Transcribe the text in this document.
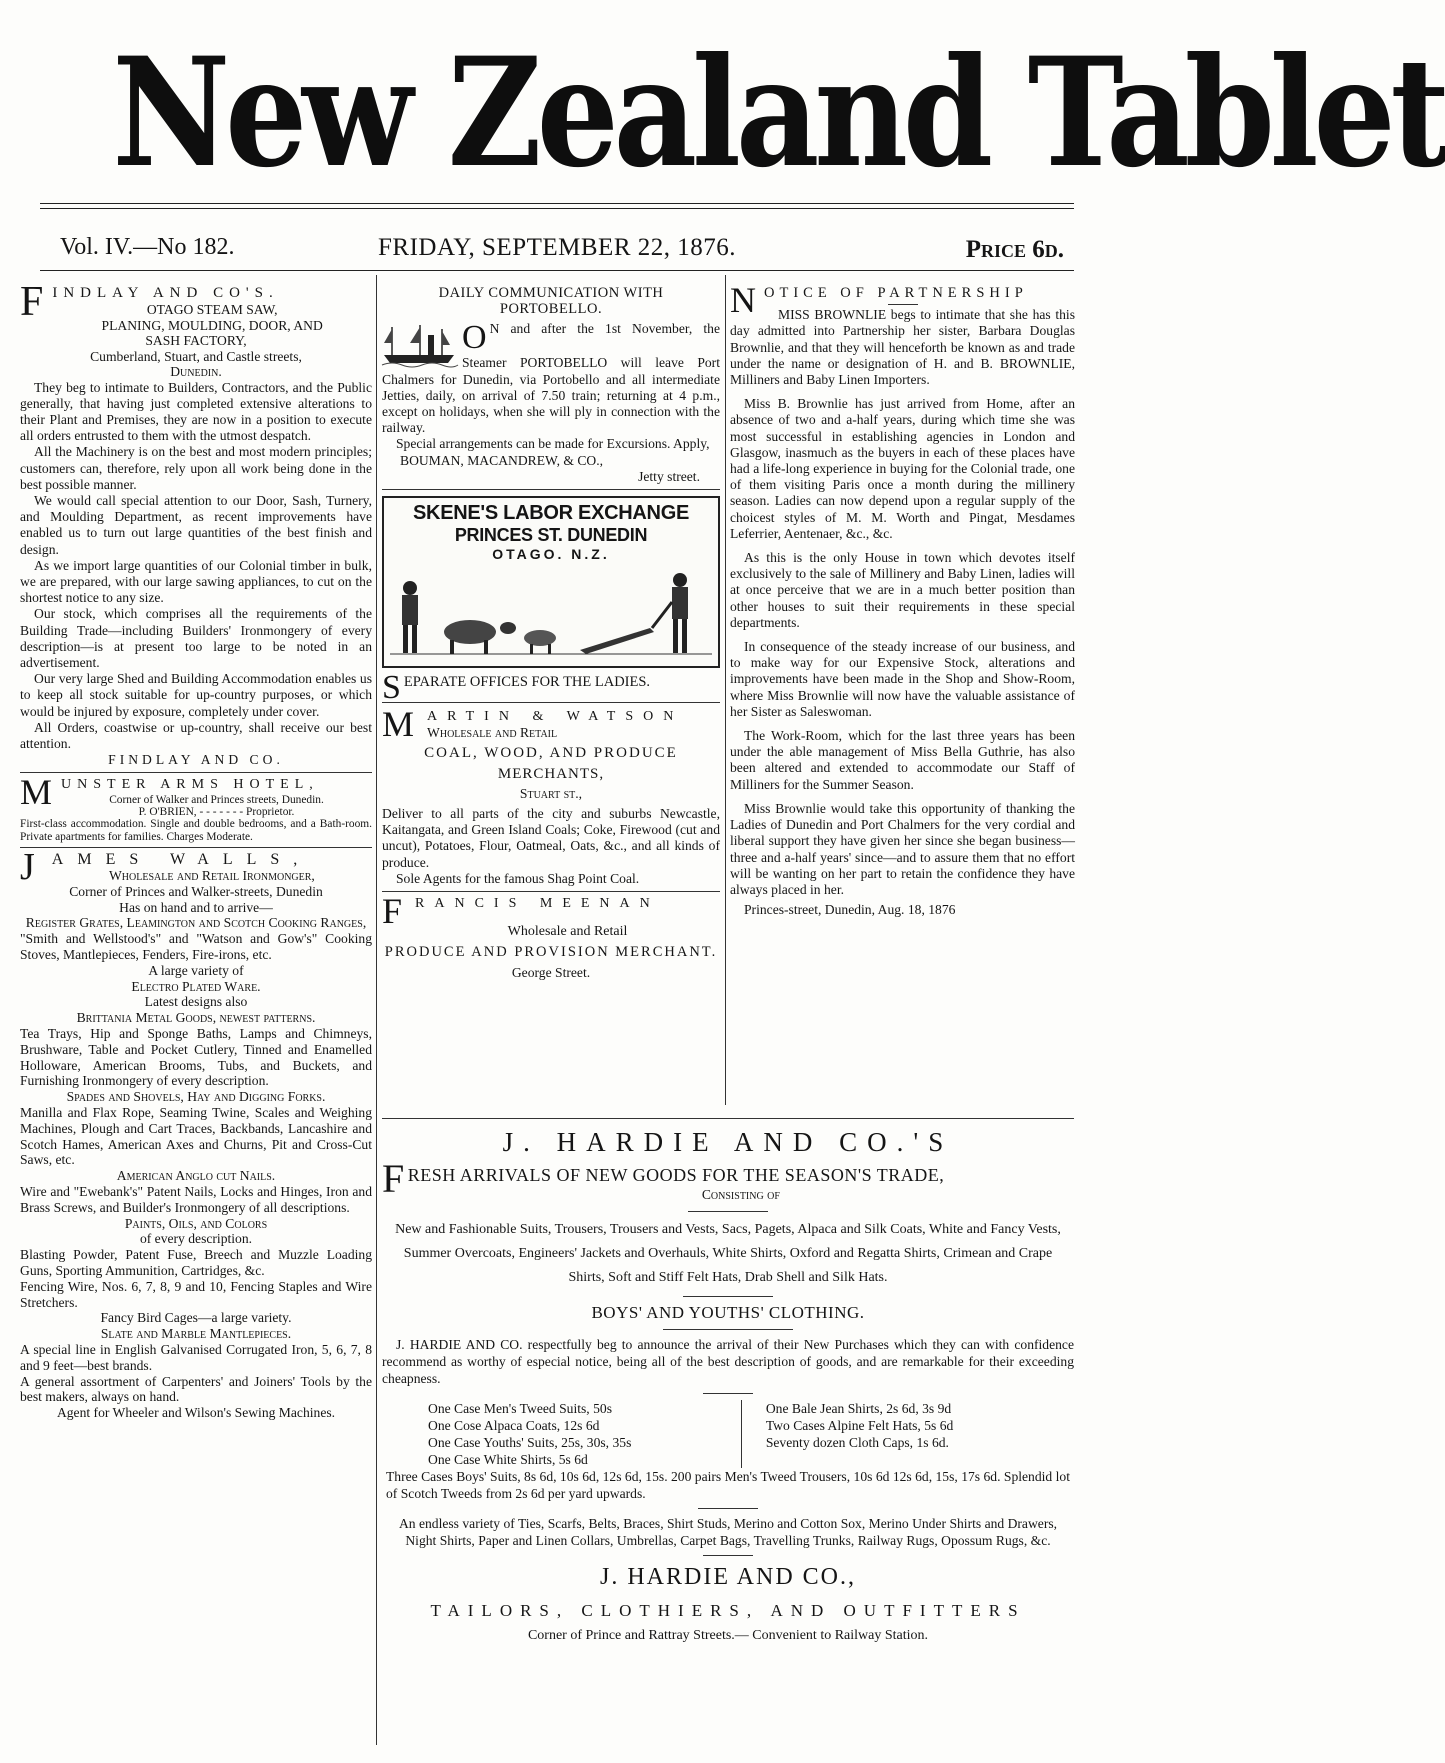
New Zealand Tablet
Vol. IV.—No 182.	FRIDAY, SEPTEMBER 22, 1876.	Price 6d.
F INDLAY AND CO'S.
OTAGO STEAM SAW,
PLANING, MOULDING, DOOR, AND
SASH FACTORY,
Cumberland, Stuart, and Castle streets,
Dunedin.

They beg to intimate to Builders, Contractors, and the Public generally, that having just completed extensive alterations to their Plant and Premises, they are now in a position to execute all orders entrusted to them with the utmost despatch.

All the Machinery is on the best and most modern principles; customers can, therefore, rely upon all work being done in the best possible manner.

We would call special attention to our Door, Sash, Turnery, and Moulding Department, as recent improvements have enabled us to turn out large quantities of the best finish and design.

As we import large quantities of our Colonial timber in bulk, we are prepared, with our large sawing appliances, to cut on the shortest notice to any size.

Our stock, which comprises all the requirements of the Building Trade—including Builders' Ironmongery of every description—is at present too large to be noted in an advertisement.

Our very large Shed and Building Accommodation enables us to keep all stock suitable for up-country purposes, or which would be injured by exposure, completely under cover.

All Orders, coastwise or up-country, shall receive our best attention.

FINDLAY AND CO.
M UNSTER ARMS HOTEL,
Corner of Walker and Princes streets, Dunedin.
P. O'BRIEN, - - - - - - - Proprietor.
First-class accommodation. Single and double bedrooms, and a Bath-room. Private apartments for families. Charges Moderate.
J AMES WALLS,
Wholesale and Retail Ironmonger,
Corner of Princes and Walker-streets, Dunedin
Has on hand and to arrive—
Register Grates, Leamington and Scotch Cooking Ranges,
"Smith and Wellstood's" and "Watson and Gow's" Cooking Stoves, Mantlepieces, Fenders, Fire-irons, etc.
A large variety of
Electro Plated Ware.
Latest designs also
Brittania Metal Goods, newest patterns.
Tea Trays, Hip and Sponge Baths, Lamps and Chimneys, Brushware, Table and Pocket Cutlery, Tinned and Enamelled Holloware, American Brooms, Tubs, and Buckets, and Furnishing Ironmongery of every description.
Spades and Shovels, Hay and Digging Forks.
Manilla and Flax Rope, Seaming Twine, Scales and Weighing Machines, Plough and Cart Traces, Backbands, Lancashire and Scotch Hames, American Axes and Churns, Pit and Cross-Cut Saws, etc.
American Anglo cut Nails.
Wire and "Ewebank's" Patent Nails, Locks and Hinges, Iron and Brass Screws, and Builder's Ironmongery of all descriptions.
Paints, Oils, and Colors
of every description.
Blasting Powder, Patent Fuse, Breech and Muzzle Loading Guns, Sporting Ammunition, Cartridges, &c.
Fencing Wire, Nos. 6, 7, 8, 9 and 10, Fencing Staples and Wire Stretchers.
Fancy Bird Cages—a large variety.
Slate and Marble Mantlepieces.
A special line in English Galvanised Corrugated Iron, 5, 6, 7, 8 and 9 feet—best brands.
A general assortment of Carpenters' and Joiners' Tools by the best makers, always on hand.
Agent for Wheeler and Wilson's Sewing Machines.
DAILY COMMUNICATION WITH PORTOBELLO.
O N and after the 1st November, the Steamer PORTOBELLO will leave Port Chalmers for Dunedin, via Portobello and all intermediate Jetties, daily, on arrival of 7.50 train; returning at 4 p.m., except on holidays, when she will ply in connection with the railway.

Special arrangements can be made for Excursions. Apply,

BOUMAN, MACANDREW, & CO.,
Jetty street.
SKENE'S LABOR EXCHANGE
PRINCES ST. DUNEDIN
OTAGO. N.Z.
S EPARATE OFFICES FOR THE LADIES.
M ARTIN & WATSON
Wholesale and Retail
COAL, WOOD, AND PRODUCE
MERCHANTS,
Stuart st.,
Deliver to all parts of the city and suburbs Newcastle, Kaitangata, and Green Island Coals; Coke, Firewood (cut and uncut), Potatoes, Flour, Oatmeal, Oats, &c., and all kinds of produce.

Sole Agents for the famous Shag Point Coal.

F RANCIS MEENAN
Wholesale and Retail
PRODUCE AND PROVISION MERCHANT.
George Street.
N OTICE OF PARTNERSHIP

MISS BROWNLIE begs to intimate that she has this day admitted into Partnership her sister, Barbara Douglas Brownlie, and that they will henceforth be known as and trade under the name or designation of H. and B. BROWNLIE, Milliners and Baby Linen Importers.

Miss B. Brownlie has just arrived from Home, after an absence of two and a-half years, during which time she was most successful in establishing agencies in London and Glasgow, inasmuch as the buyers in each of these places have had a life-long experience in buying for the Colonial trade, one of them visiting Paris once a month during the millinery season. Ladies can now depend upon a regular supply of the choicest styles of M. M. Worth and Pingat, Mesdames Leferrier, Aentenaer, &c., &c.

As this is the only House in town which devotes itself exclusively to the sale of Millinery and Baby Linen, ladies will at once perceive that we are in a much better position than other houses to suit their requirements in these special departments.

In consequence of the steady increase of our business, and to make way for our Expensive Stock, alterations and improvements have been made in the Shop and Show-Room, where Miss Brownlie will now have the valuable assistance of her Sister as Saleswoman.

The Work-Room, which for the last three years has been under the able management of Miss Bella Guthrie, has also been altered and extended to accommodate our Staff of Milliners for the Summer Season.

Miss Brownlie would take this opportunity of thanking the Ladies of Dunedin and Port Chalmers for the very cordial and liberal support they have given her since she began business—three and a-half years' since—and to assure them that no effort will be wanting on her part to retain the confidence they have always placed in her.

Princes-street, Dunedin, Aug. 18, 1876

J. HARDIE AND CO.'S
F RESH ARRIVALS OF NEW GOODS FOR THE SEASON'S TRADE,
Consisting of
New and Fashionable Suits, Trousers, Trousers and Vests, Sacs, Pagets, Alpaca and Silk Coats, White and Fancy Vests, Summer Overcoats, Engineers' Jackets and Overhauls, White Shirts, Oxford and Regatta Shirts, Crimean and Crape Shirts, Soft and Stiff Felt Hats, Drab Shell and Silk Hats.
BOYS' AND YOUTHS' CLOTHING.

J. HARDIE AND CO. respectfully beg to announce the arrival of their New Purchases which they can with confidence recommend as worthy of especial notice, being all of the best description of goods, and are remarkable for their exceeding cheapness.

One Case Men's Tweed Suits, 50s
One Cose Alpaca Coats, 12s 6d
One Case Youths' Suits, 25s, 30s, 35s
One Case White Shirts, 5s 6d
One Bale Jean Shirts, 2s 6d, 3s 9d
Two Cases Alpine Felt Hats, 5s 6d
Seventy dozen Cloth Caps, 1s 6d.

Three Cases Boys' Suits, 8s 6d, 10s 6d, 12s 6d, 15s. 200 pairs Men's Tweed Trousers, 10s 6d 12s 6d, 15s, 17s 6d. Splendid lot of Scotch Tweeds from 2s 6d per yard upwards.

An endless variety of Ties, Scarfs, Belts, Braces, Shirt Studs, Merino and Cotton Sox, Merino Under Shirts and Drawers, Night Shirts, Paper and Linen Collars, Umbrellas, Carpet Bags, Travelling Trunks, Railway Rugs, Opossum Rugs, &c.
J. HARDIE AND CO.,
TAILORS, CLOTHIERS, AND OUTFITTERS
Corner of Prince and Rattray Streets.— Convenient to Railway Station.
